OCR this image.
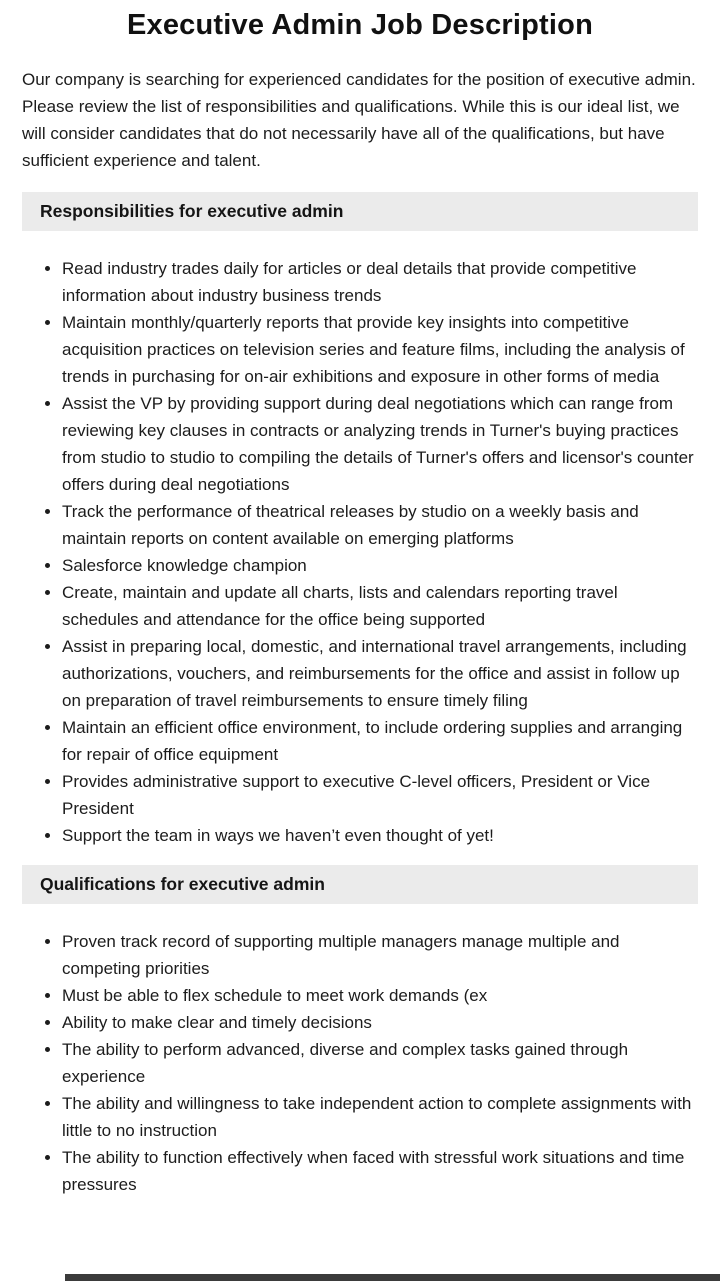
Executive Admin Job Description

Our company is searching for experienced candidates for the position of executive admin. Please review the list of responsibilities and qualifications. While this is our ideal list, we will consider candidates that do not necessarily have all of the qualifications, but have sufficient experience and talent.

Responsibilities for executive admin
Read industry trades daily for articles or deal details that provide competitive information about industry business trends
Maintain monthly/quarterly reports that provide key insights into competitive acquisition practices on television series and feature films, including the analysis of trends in purchasing for on-air exhibitions and exposure in other forms of media
Assist the VP by providing support during deal negotiations which can range from reviewing key clauses in contracts or analyzing trends in Turner's buying practices from studio to studio to compiling the details of Turner's offers and licensor's counter offers during deal negotiations
Track the performance of theatrical releases by studio on a weekly basis and maintain reports on content available on emerging platforms
Salesforce knowledge champion
Create, maintain and update all charts, lists and calendars reporting travel schedules and attendance for the office being supported
Assist in preparing local, domestic, and international travel arrangements, including authorizations, vouchers, and reimbursements for the office and assist in follow up on preparation of travel reimbursements to ensure timely filing
Maintain an efficient office environment, to include ordering supplies and arranging for repair of office equipment
Provides administrative support to executive C-level officers, President or Vice President
Support the team in ways we haven’t even thought of yet!
Qualifications for executive admin
Proven track record of supporting multiple managers manage multiple and competing priorities
Must be able to flex schedule to meet work demands (ex
Ability to make clear and timely decisions
The ability to perform advanced, diverse and complex tasks gained through experience
The ability and willingness to take independent action to complete assignments with little to no instruction
The ability to function effectively when faced with stressful work situations and time pressures
